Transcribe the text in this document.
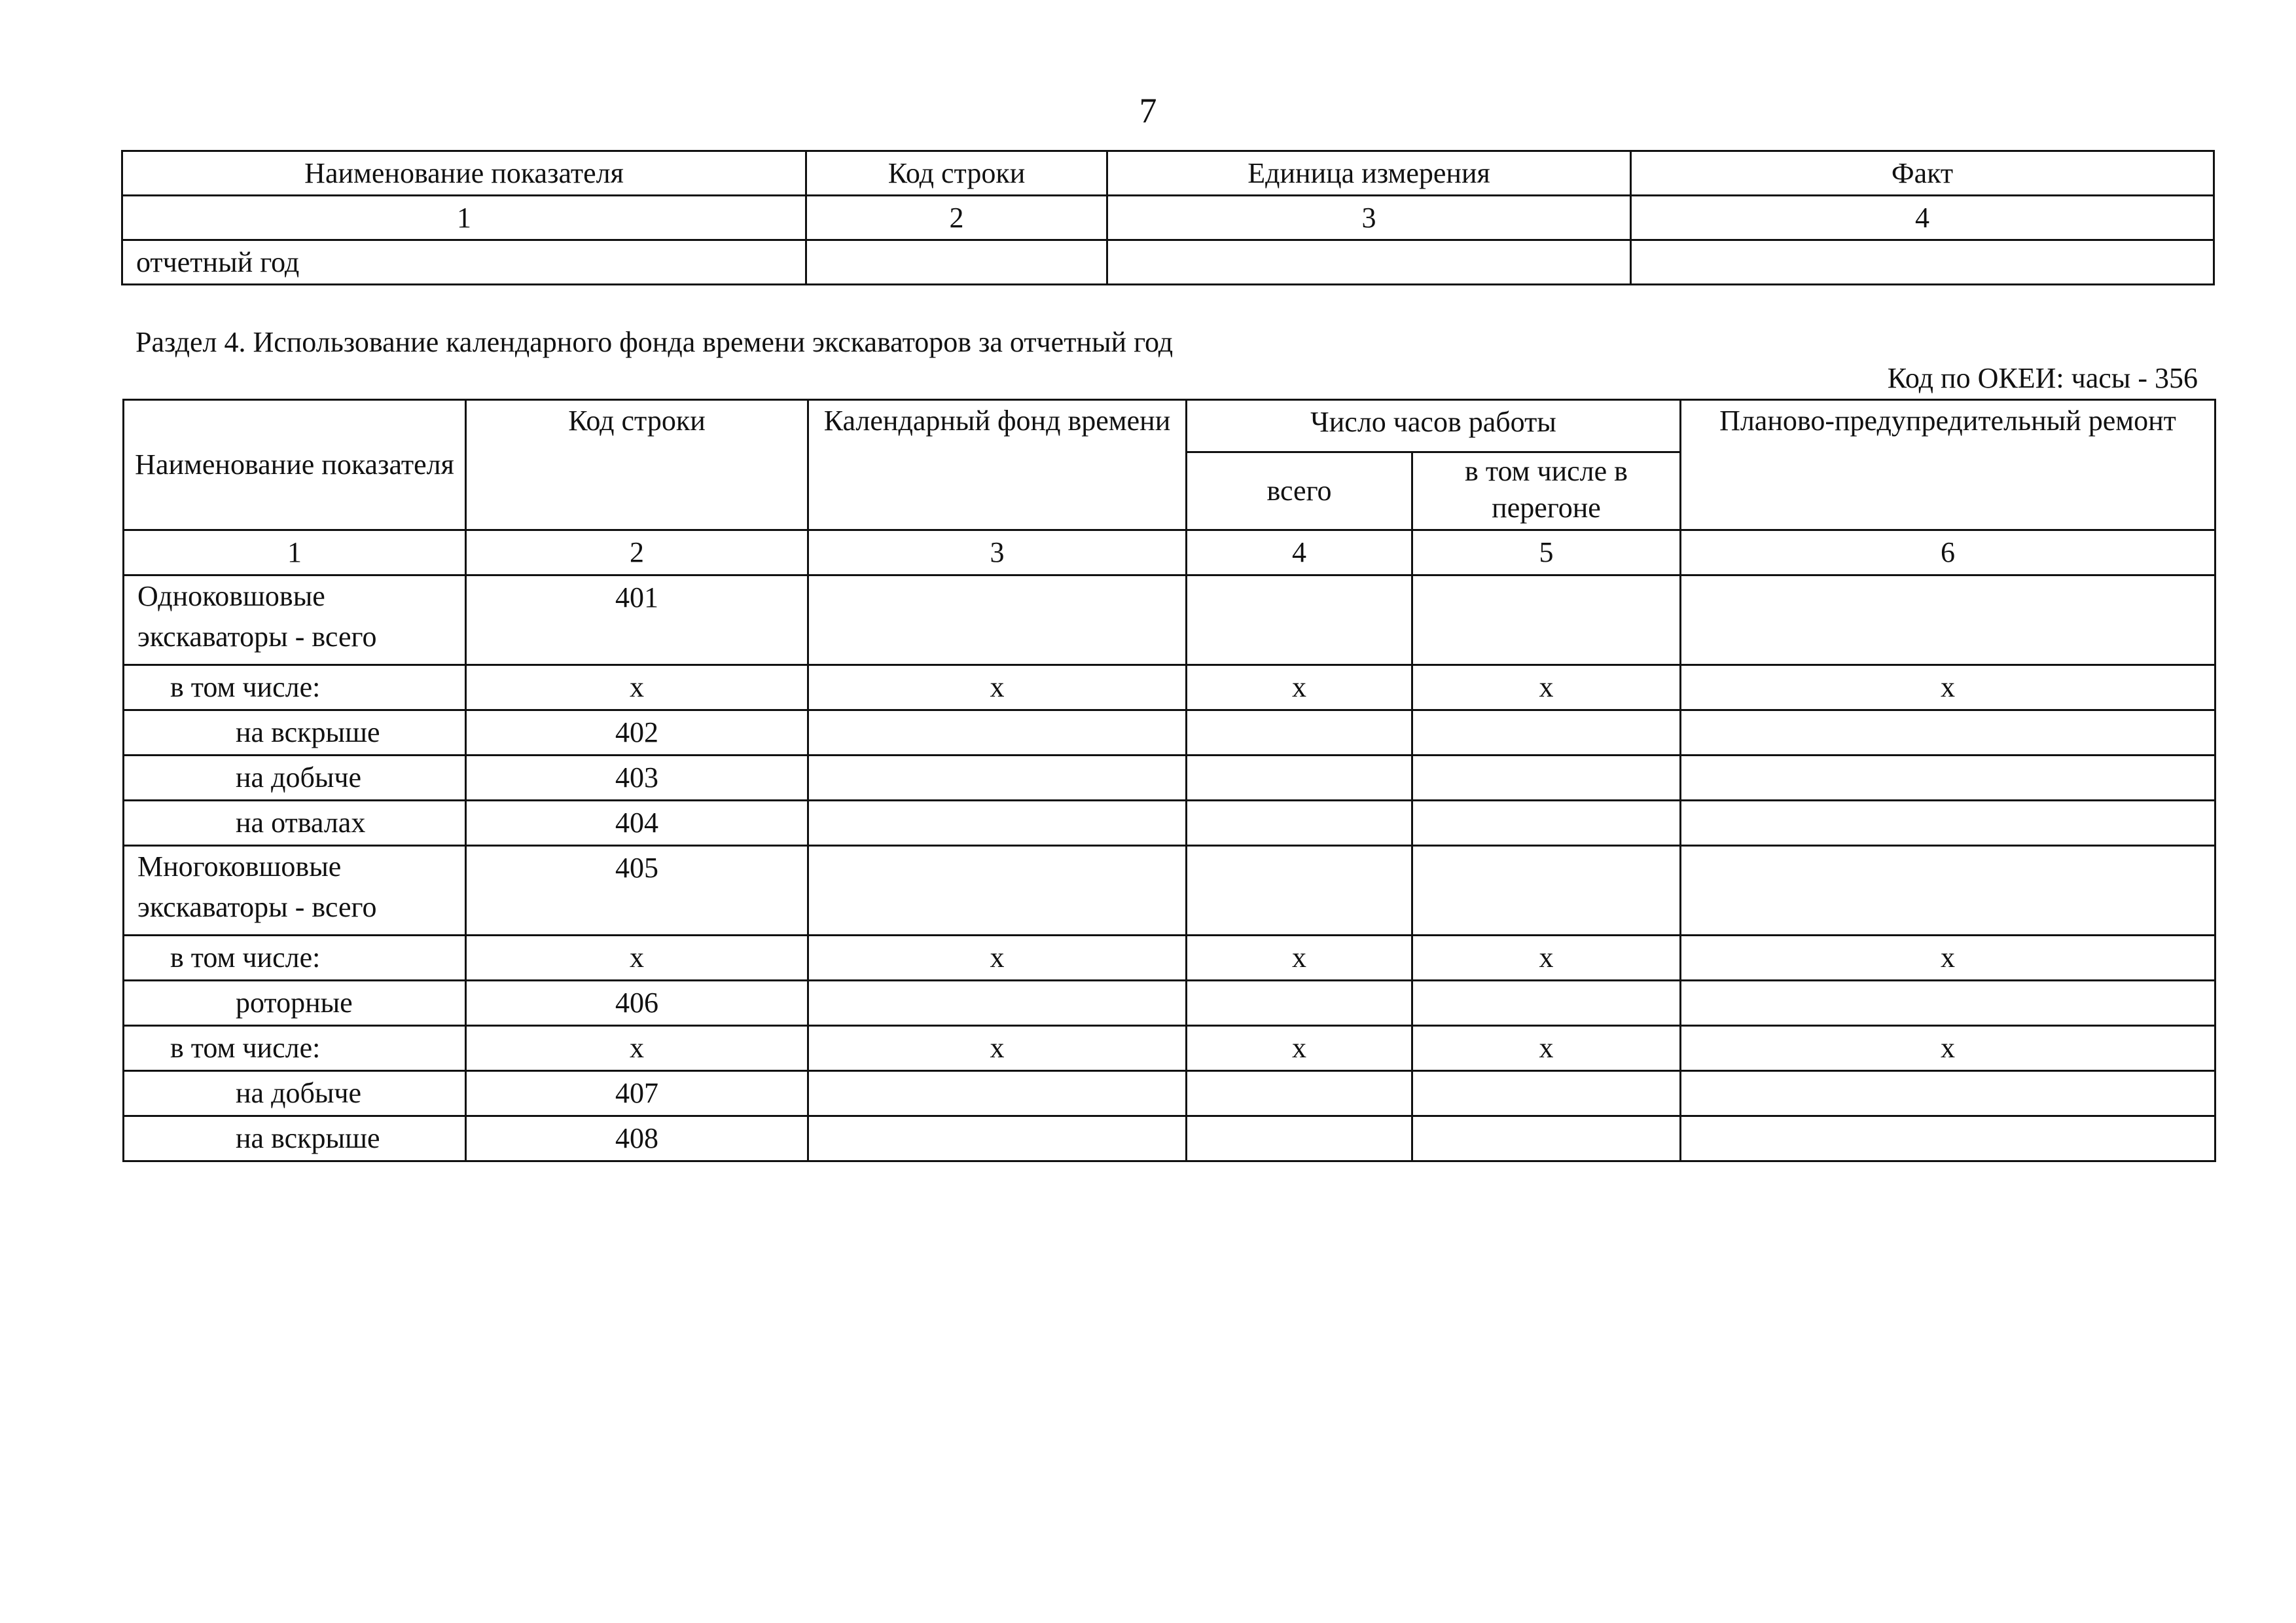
7
Наименование показателя	Код строки	Единица измерения	Факт
1	2	3	4
отчетный год			
Раздел 4. Использование календарного фонда времени экскаваторов за отчетный год
Код по ОКЕИ: часы - 356
Наименование показателя	Код строки	Календарный фонд времени	Число часов работы		Планово-предупредительный ремонт
			всего	в том числе в перегоне	
1	2	3	4	5	6
Одноковшовые экскаваторы - всего	401				
в том числе:	х	х	х	х	х
на вскрыше	402				
на добыче	403				
на отвалах	404				
Многоковшовые экскаваторы - всего	405				
в том числе:	х	х	х	х	х
роторные	406				
в том числе:	х	х	х	х	х
на добыче	407				
на вскрыше	408				
